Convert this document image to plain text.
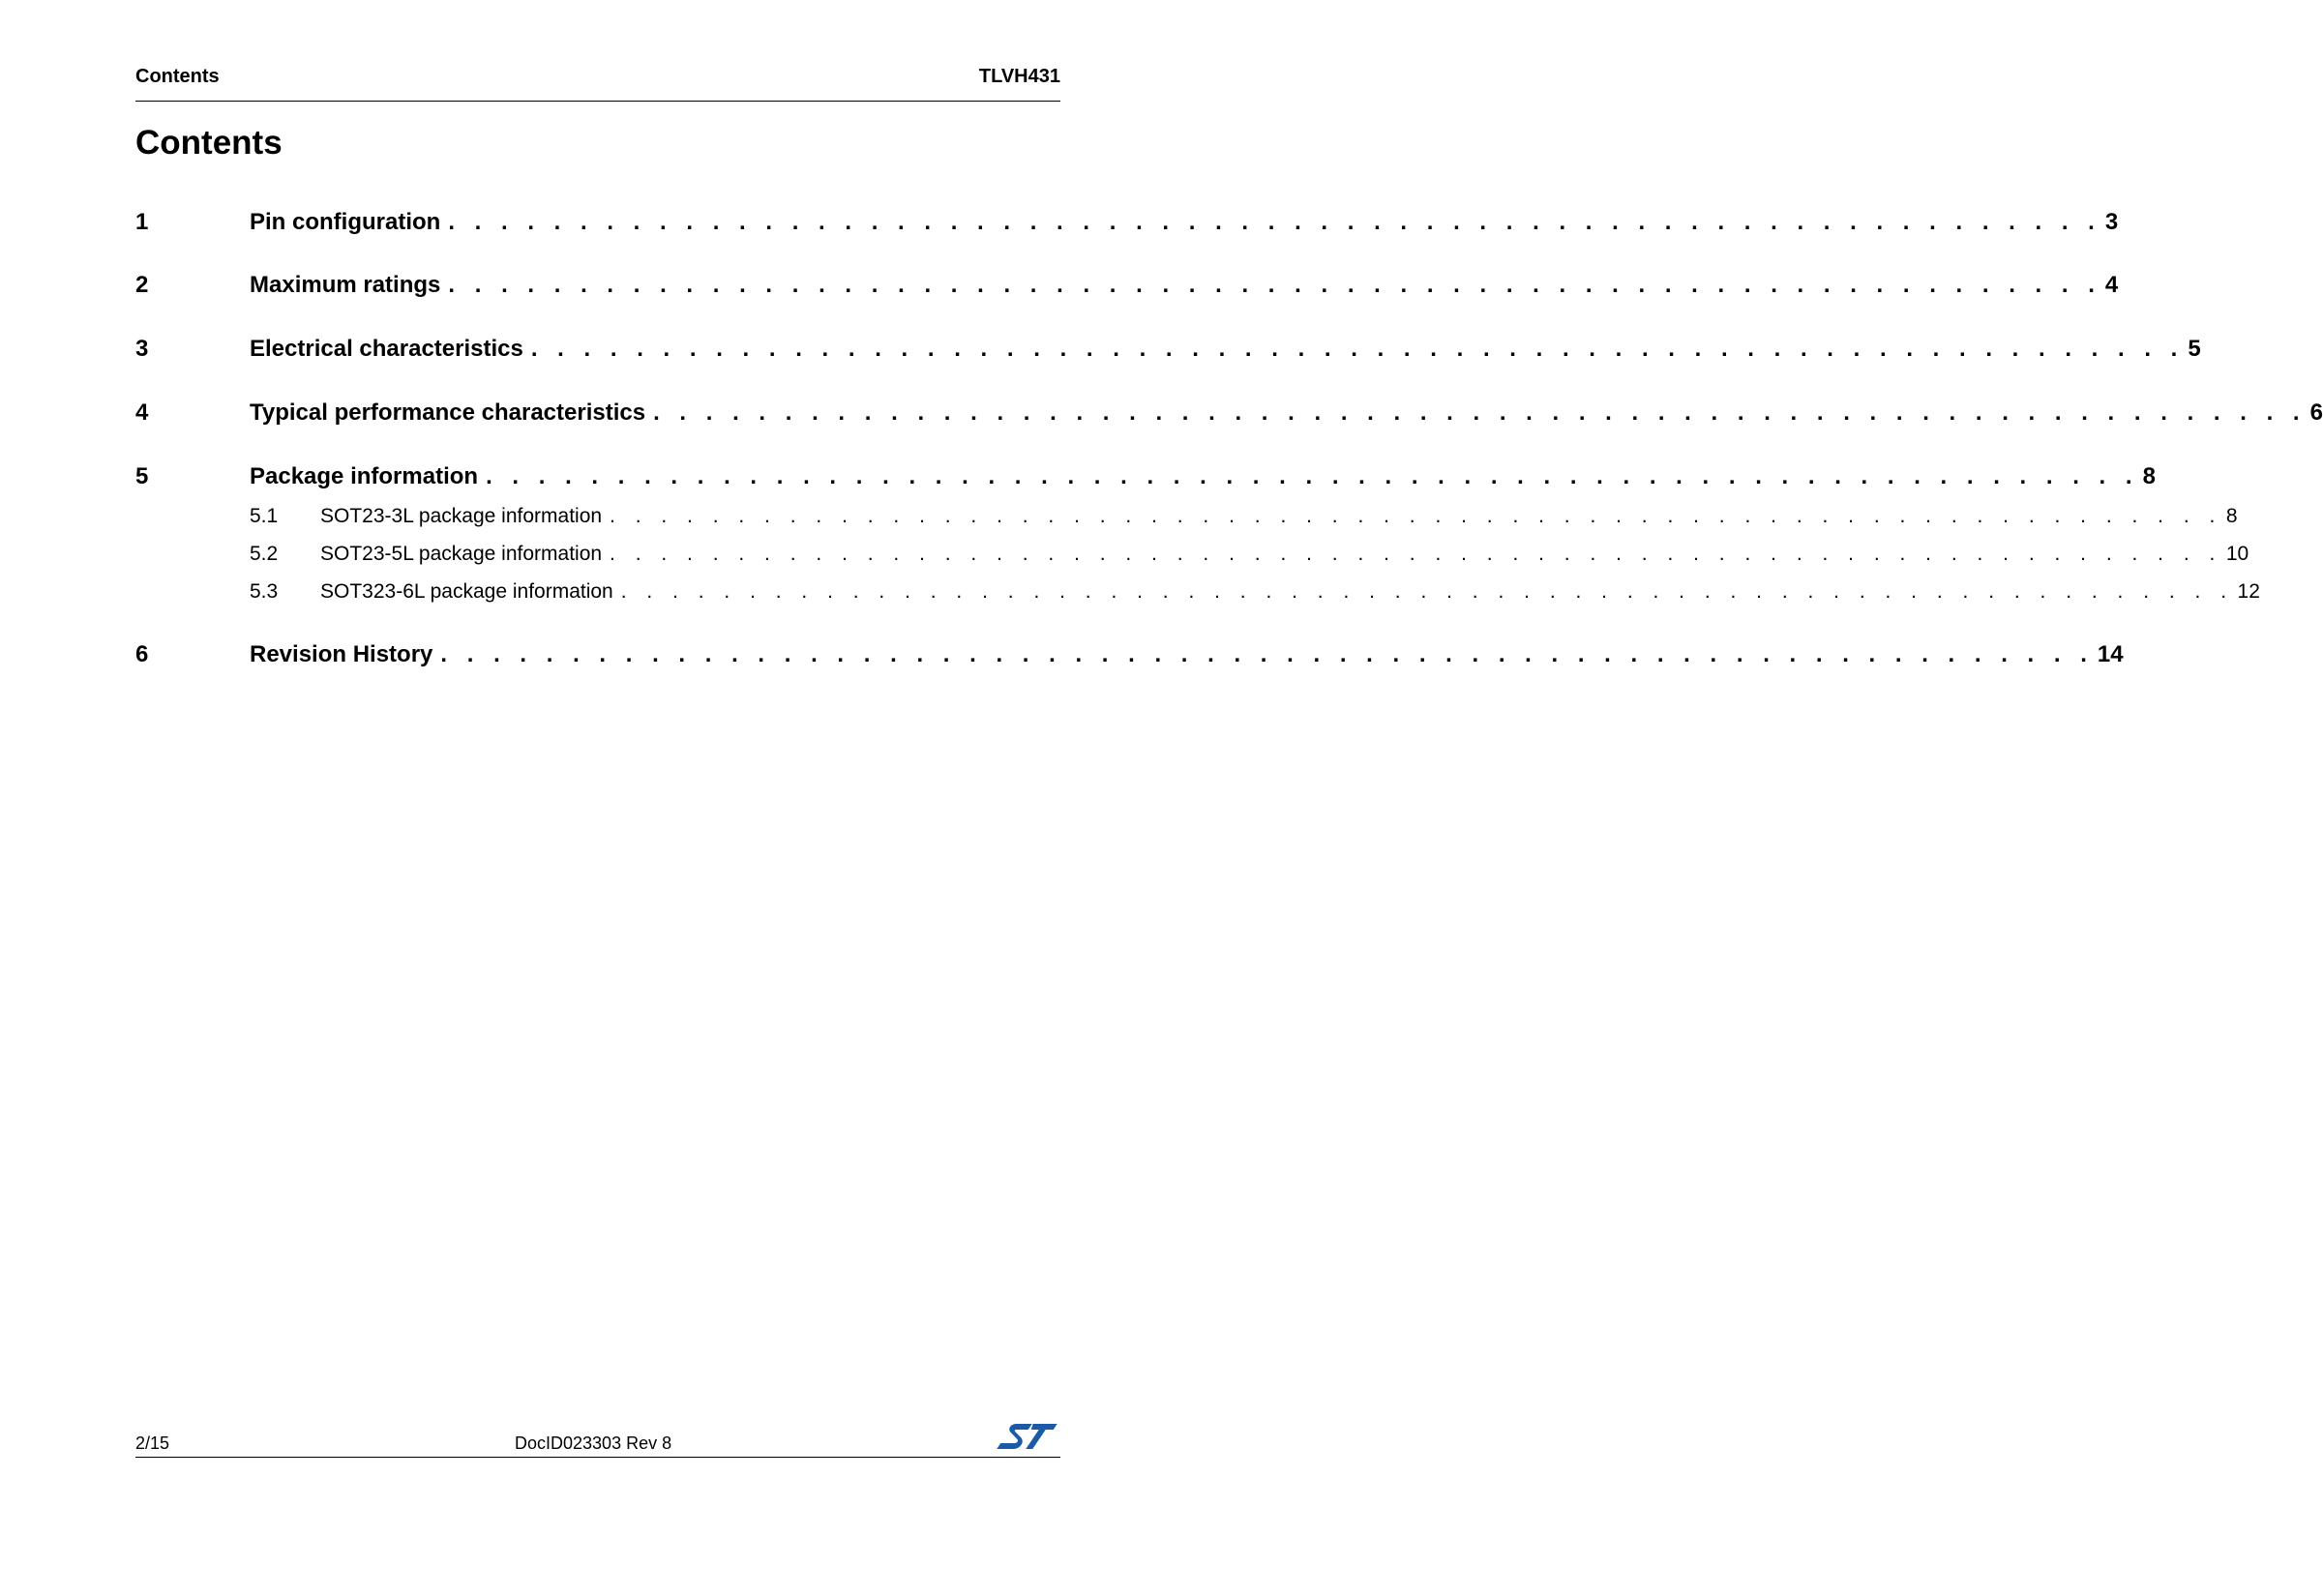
Contents	TLVH431
Contents
1	Pin configuration . . . . . . . . . . . . . . . . . . . . . . . . . . . . . . . . . . . . . . . . . . . . . . . . . . . . . . . . . . . . . . . 3
2	Maximum ratings . . . . . . . . . . . . . . . . . . . . . . . . . . . . . . . . . . . . . . . . . . . . . . . . . . . . . . . . . . . . . . . 4
3	Electrical characteristics . . . . . . . . . . . . . . . . . . . . . . . . . . . . . . . . . . . . . . . . . . . . . . . . . . . . . . . . . . . . . . . 5
4	Typical performance characteristics . . . . . . . . . . . . . . . . . . . . . . . . . . . . . . . . . . . . . . . . . . . . . . . . . . . . . . . . . . . . . . . 6
5	Package information . . . . . . . . . . . . . . . . . . . . . . . . . . . . . . . . . . . . . . . . . . . . . . . . . . . . . . . . . . . . . . . 8
5.1	SOT23-3L package information . . . . . . . . . . . . . . . . . . . . . . . . . . . . . . . . . . . . . . . . . . . . . . . . . . . . . . . . . . . . . . . 8
5.2	SOT23-5L package information . . . . . . . . . . . . . . . . . . . . . . . . . . . . . . . . . . . . . . . . . . . . . . . . . . . . . . . . . . . . . . . 10
5.3	SOT323-6L package information . . . . . . . . . . . . . . . . . . . . . . . . . . . . . . . . . . . . . . . . . . . . . . . . . . . . . . . . . . . . . . . 12
6	Revision History . . . . . . . . . . . . . . . . . . . . . . . . . . . . . . . . . . . . . . . . . . . . . . . . . . . . . . . . . . . . . . . 14
2/15	DocID023303 Rev 8
